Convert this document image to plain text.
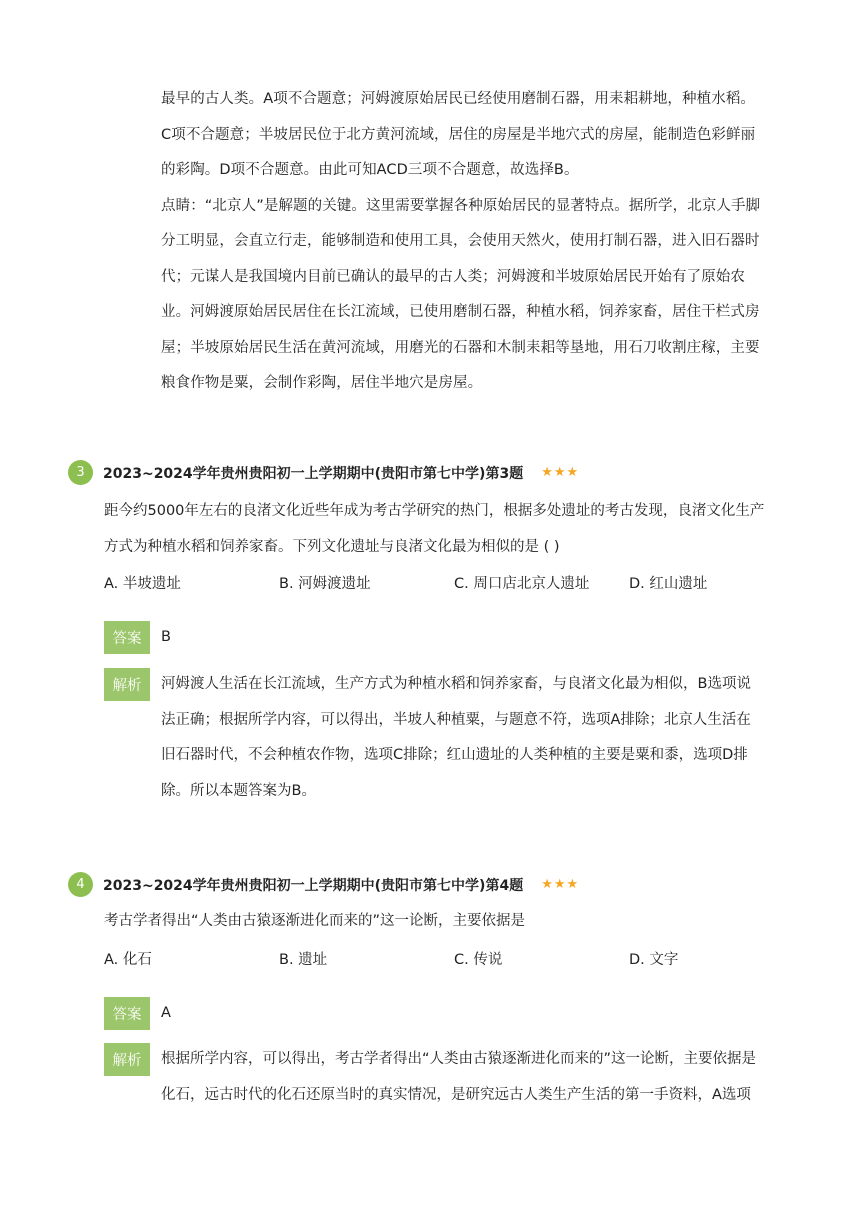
最早的古人类。A项不合题意；河姆渡原始居民已经使用磨制石器，用耒耜耕地，种植水稻。

C项不合题意；半坡居民位于北方黄河流域，居住的房屋是半地穴式的房屋，能制造色彩鲜丽

的彩陶。D项不合题意。由此可知ACD三项不合题意，故选择B。

点睛：“北京人”是解题的关键。这里需要掌握各种原始居民的显著特点。据所学，北京人手脚

分工明显，会直立行走，能够制造和使用工具，会使用天然火，使用打制石器，进入旧石器时

代；元谋人是我国境内目前已确认的最早的古人类；河姆渡和半坡原始居民开始有了原始农

业。河姆渡原始居民居住在长江流域，已使用磨制石器，种植水稻，饲养家畜，居住干栏式房

屋；半坡原始居民生活在黄河流域，用磨光的石器和木制耒耜等垦地，用石刀收割庄稼，主要

粮食作物是粟，会制作彩陶，居住半地穴是房屋。

3	2023~2024学年贵州贵阳初一上学期期中(贵阳市第七中学)第3题 ★★★

距今约5000年左右的良渚文化近些年成为考古学研究的热门，根据多处遗址的考古发现，良渚文化生产

方式为种植水稻和饲养家畜。下列文化遗址与良渚文化最为相似的是 ( )

A. 半坡遗址	B. 河姆渡遗址	C. 周口店北京人遗址	D. 红山遗址
答案	B

解析	河姆渡人生活在长江流域，生产方式为种植水稻和饲养家畜，与良渚文化最为相似，B选项说

法正确；根据所学内容，可以得出，半坡人种植粟，与题意不符，选项A排除；北京人生活在

旧石器时代，不会种植农作物，选项C排除；红山遗址的人类种植的主要是粟和黍，选项D排

除。所以本题答案为B。

4	2023~2024学年贵州贵阳初一上学期期中(贵阳市第七中学)第4题 ★★★

考古学者得出“人类由古猿逐渐进化而来的”这一论断，主要依据是

A. 化石	B. 遗址	C. 传说	D. 文字
答案	A

解析	根据所学内容，可以得出，考古学者得出“人类由古猿逐渐进化而来的”这一论断，主要依据是

化石，远古时代的化石还原当时的真实情况，是研究远古人类生产生活的第一手资料，A选项
